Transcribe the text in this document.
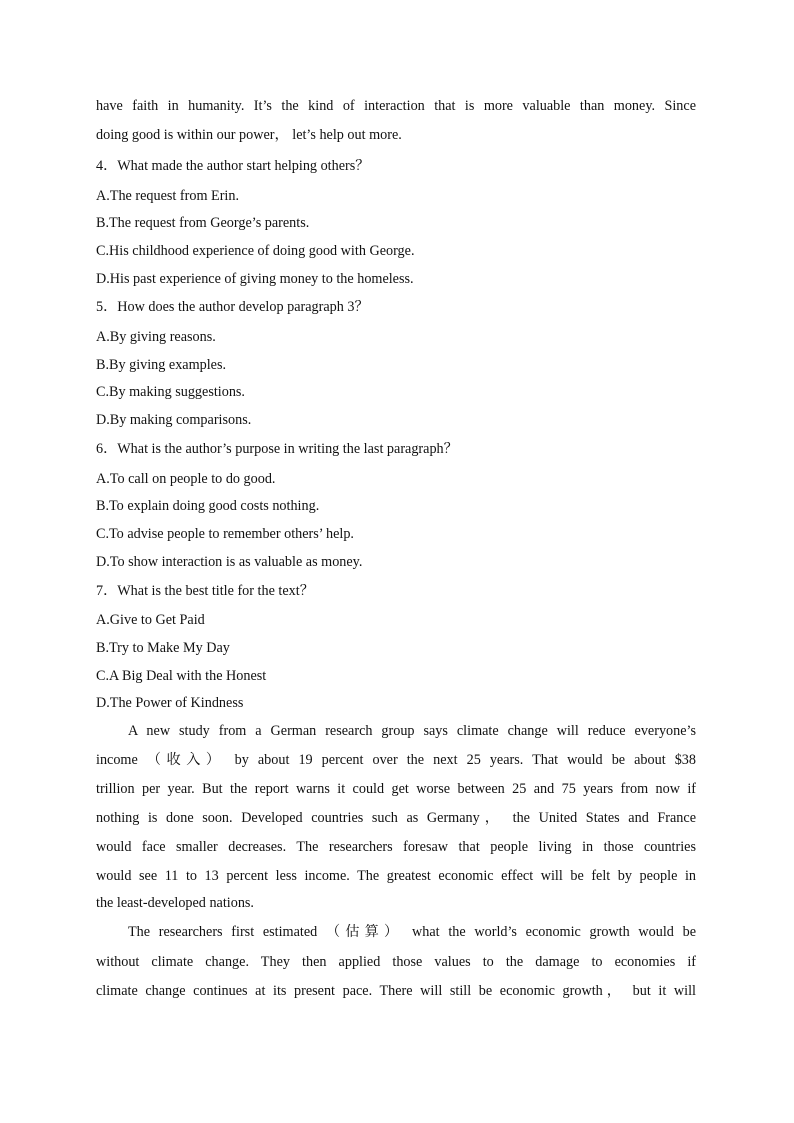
have faith in humanity. It’s the kind of interaction that is more valuable than money. Since
doing good is within our power， let’s help out more.
4．What made the author start helping others？
A.The request from Erin.
B.The request from George’s parents.
C.His childhood experience of doing good with George.
D.His past experience of giving money to the homeless.
5．How does the author develop paragraph 3？
A.By giving reasons.
B.By giving examples.
C.By making suggestions.
D.By making comparisons.
6．What is the author’s purpose in writing the last paragraph？
A.To call on people to do good.
B.To explain doing good costs nothing.
C.To advise people to remember others’ help.
D.To show interaction is as valuable as money.
7．What is the best title for the text？
A.Give to Get Paid
B.Try to Make My Day
C.A Big Deal with the Honest
D.The Power of Kindness
A new study from a German research group says climate change will reduce everyone’s
income （收入） by about 19 percent over the next 25 years. That would be about $38
trillion per year. But the report warns it could get worse between 25 and 75 years from now if
nothing is done soon. Developed countries such as Germany， the United States and France
would face smaller decreases. The researchers foresaw that people living in those countries
would see 11 to 13 percent less income. The greatest economic effect will be felt by people in
the least-developed nations.
The researchers first estimated （估算） what the world’s economic growth would be
without climate change. They then applied those values to the damage to economies if
climate change continues at its present pace. There will still be economic growth， but it will
